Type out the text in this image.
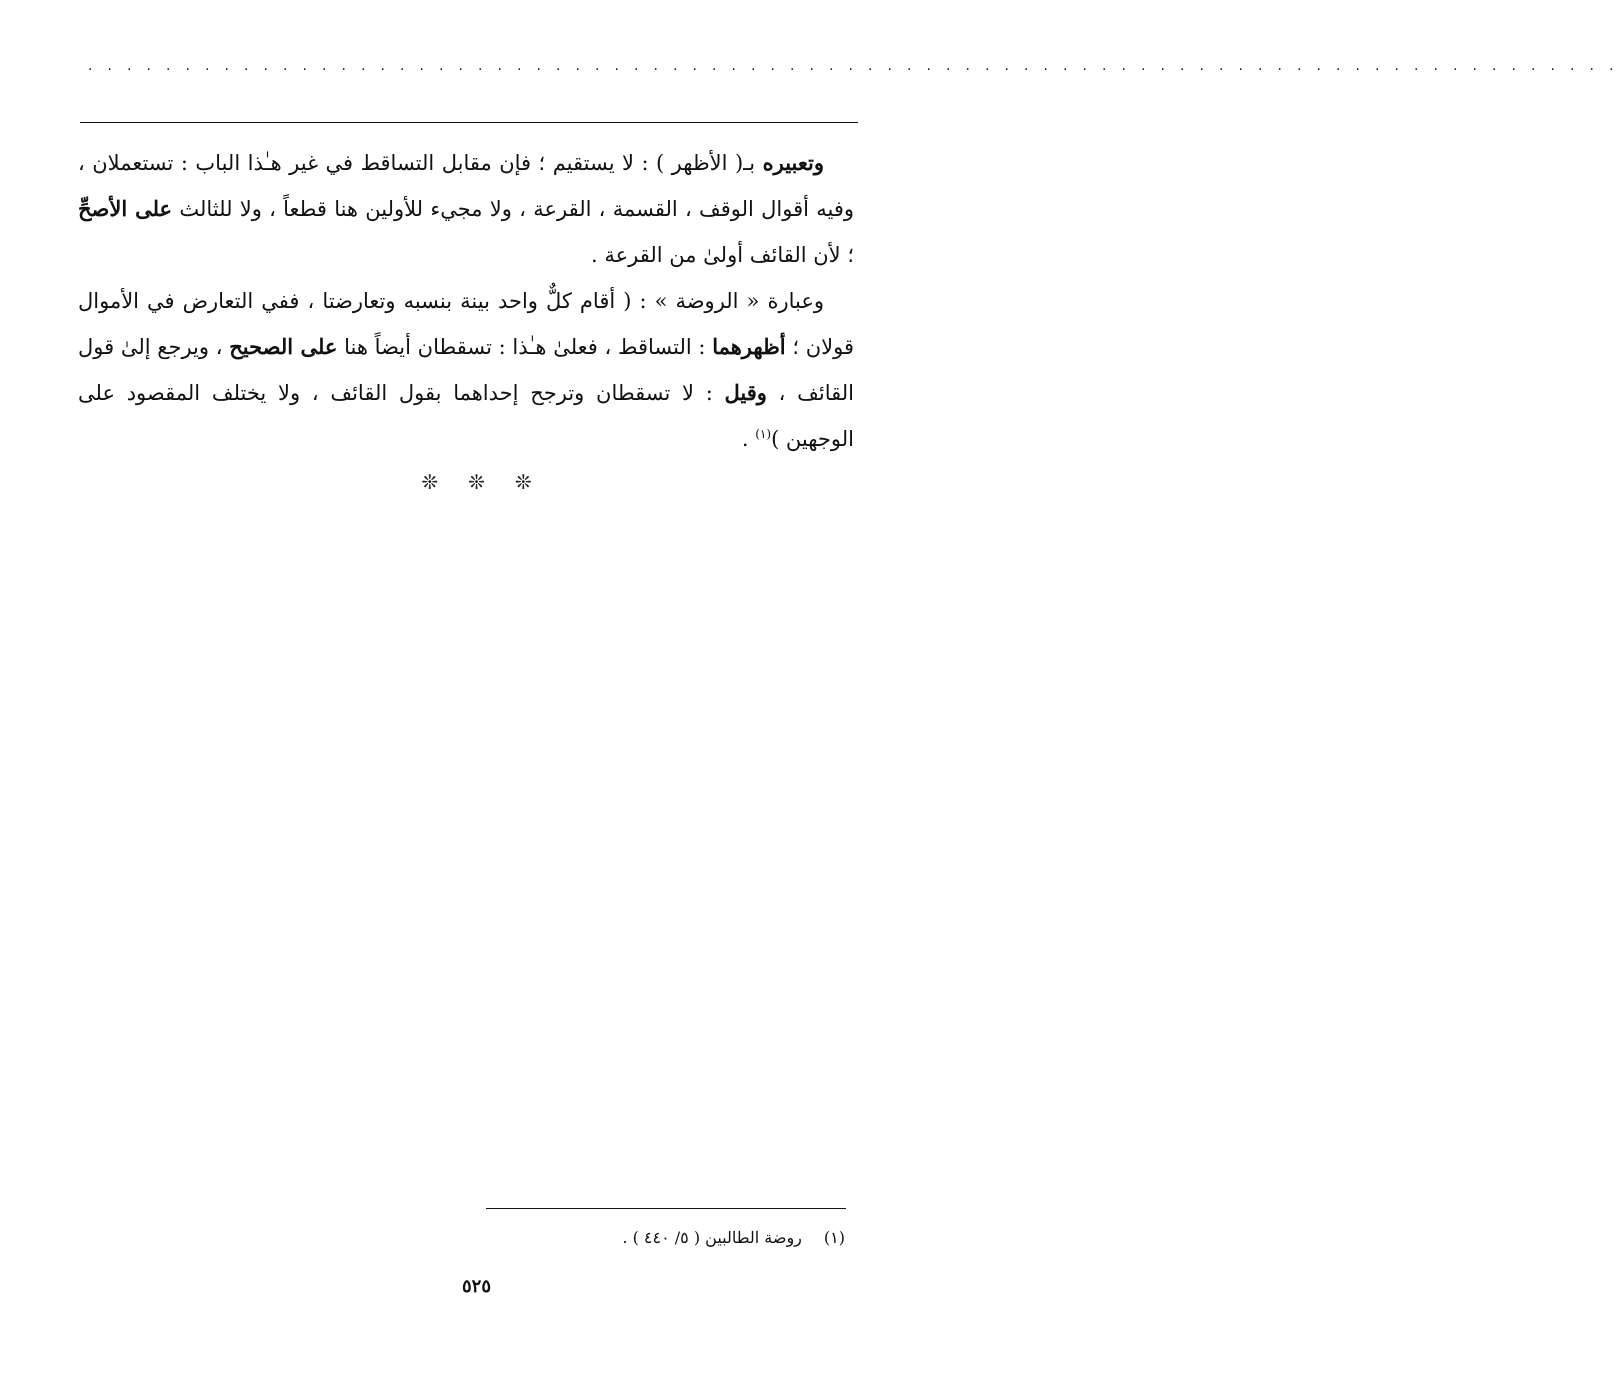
. . . . . . . . . . . . . . . . . . . . . . . . . . . . . . . . . . . . . . . . . . . . . . . . . . . . . . . . . . . . . . . . . . . . . . . . . . . . . . .

وتعبيره بـ( الأظهر ) : لا يستقيم ؛ فإن مقابل التساقط في غير هـٰذا الباب : تستعملان ، وفيه أقوال الوقف ، القسمة ، القرعة ، ولا مجيء للأولين هنا قطعاً ، ولا للثالث على الأصحِّ ؛ لأن القائف أولىٰ من القرعة .

وعبارة « الروضة » : ( أقام كلٌّ واحد بينة بنسبه وتعارضتا ، ففي التعارض في الأموال قولان ؛ أظهرهما : التساقط ، فعلىٰ هـٰذا : تسقطان أيضاً هنا على الصحيح ، ويرجع إلىٰ قول القائف ، وقيل : لا تسقطان وترجح إحداهما بقول القائف ، ولا يختلف المقصود على الوجهين )$^{(١)}$ .

❊❊❊
(١)روضة الطالبين ( ٥/ ٤٤٠ ) .
٥٢٥
